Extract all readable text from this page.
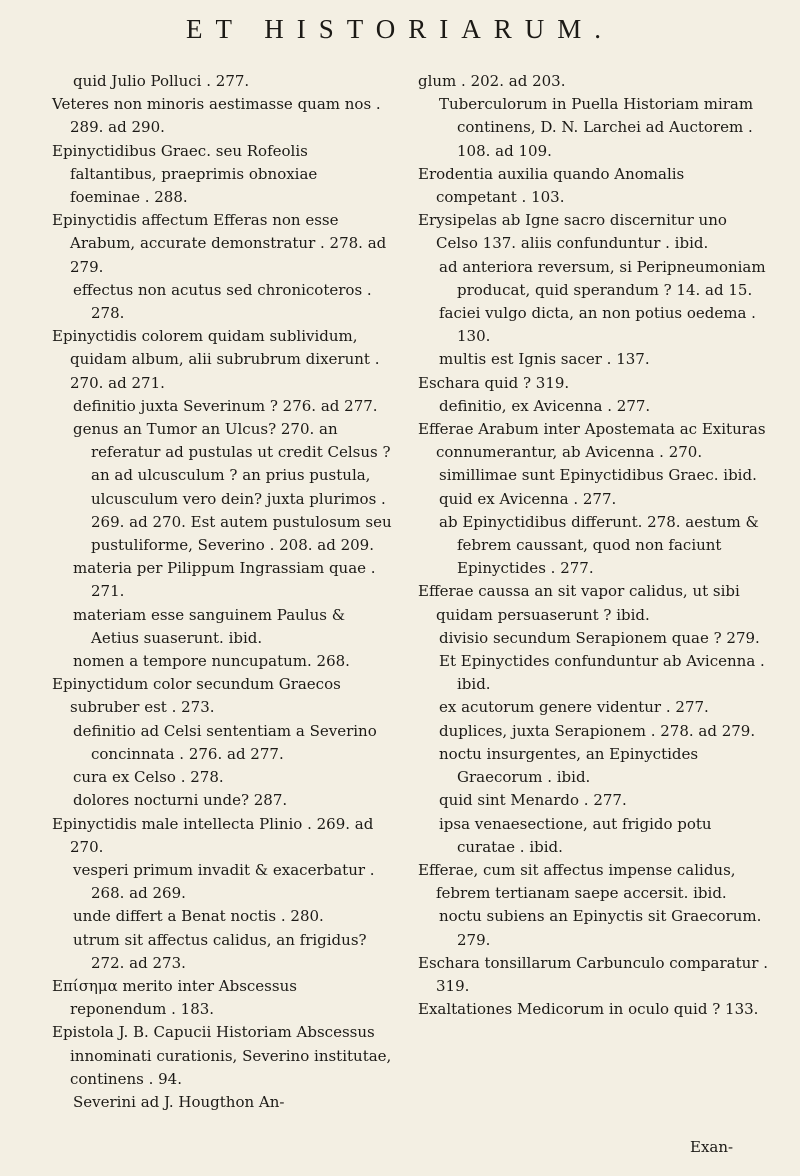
ET HISTORIARUM.
quid Julio Polluci . 277.
Veteres non minoris aestimasse quam nos . 289. ad 290.
Epinyctidibus Graec. seu Rofeolis faltantibus, praeprimis obnoxiae foeminae . 288.
Epinyctidis affectum Efferas non esse Arabum, accurate demonstratur . 278. ad 279.
effectus non acutus sed chronicoteros . 278.
Epinyctidis colorem quidam sublividum, quidam album, alii subrubrum dixerunt . 270. ad 271.
definitio juxta Severinum ? 276. ad 277.
genus an Tumor an Ulcus? 270. an referatur ad pustulas ut credit Celsus ? an ad ulcusculum ? an prius pustula, ulcusculum vero dein? juxta plurimos . 269. ad 270. Est autem pustulosum seu pustuliforme, Severino . 208. ad 209.
materia per Pilippum Ingrassiam quae . 271.
materiam esse sanguinem Paulus & Aetius suaserunt. ibid.
nomen a tempore nuncupatum. 268.
Epinyctidum color secundum Graecos subruber est . 273.
definitio ad Celsi sententiam a Severino concinnata . 276. ad 277.
cura ex Celso . 278.
dolores nocturni unde? 287.
Epinyctidis male intellecta Plinio . 269. ad 270.
vesperi primum invadit & exacerbatur . 268. ad 269.
unde differt a Benat noctis . 280.
utrum sit affectus calidus, an frigidus? 272. ad 273.
Επίσημα merito inter Abscessus reponendum . 183.
Epistola J. B. Capucii Historiam Abscessus innominati curationis, Severino institutae, continens . 94.
Severini ad J. Hougthon An-
glum . 202. ad 203.
Tuberculorum in Puella Historiam miram continens, D. N. Larchei ad Auctorem . 108. ad 109.
Erodentia auxilia quando Anomalis competant . 103.
Erysipelas ab Igne sacro discernitur uno Celso 137. aliis confunduntur . ibid.
ad anteriora reversum, si Peripneumoniam producat, quid sperandum ? 14. ad 15.
faciei vulgo dicta, an non potius oedema . 130.
multis est Ignis sacer . 137.
Eschara quid ? 319.
definitio, ex Avicenna . 277.
Efferae Arabum inter Apostemata ac Exituras connumerantur, ab Avicenna . 270.
simillimae sunt Epinyctidibus Graec. ibid.
quid ex Avicenna . 277.
ab Epinyctidibus differunt. 278. aestum & febrem caussant, quod non faciunt Epinyctides . 277.
Efferae caussa an sit vapor calidus, ut sibi quidam persuaserunt ? ibid.
divisio secundum Serapionem quae ? 279.
Et Epinyctides confunduntur ab Avicenna . ibid.
ex acutorum genere videntur . 277.
duplices, juxta Serapionem . 278. ad 279.
noctu insurgentes, an Epinyctides Graecorum . ibid.
quid sint Menardo . 277.
ipsa venaesectione, aut frigido potu curatae . ibid.
Efferae, cum sit affectus impense calidus, febrem tertianam saepe accersit. ibid.
noctu subiens an Epinyctis sit Graecorum. 279.
Eschara tonsillarum Carbunculo comparatur . 319.
Exaltationes Medicorum in oculo quid ? 133.
Exan-
